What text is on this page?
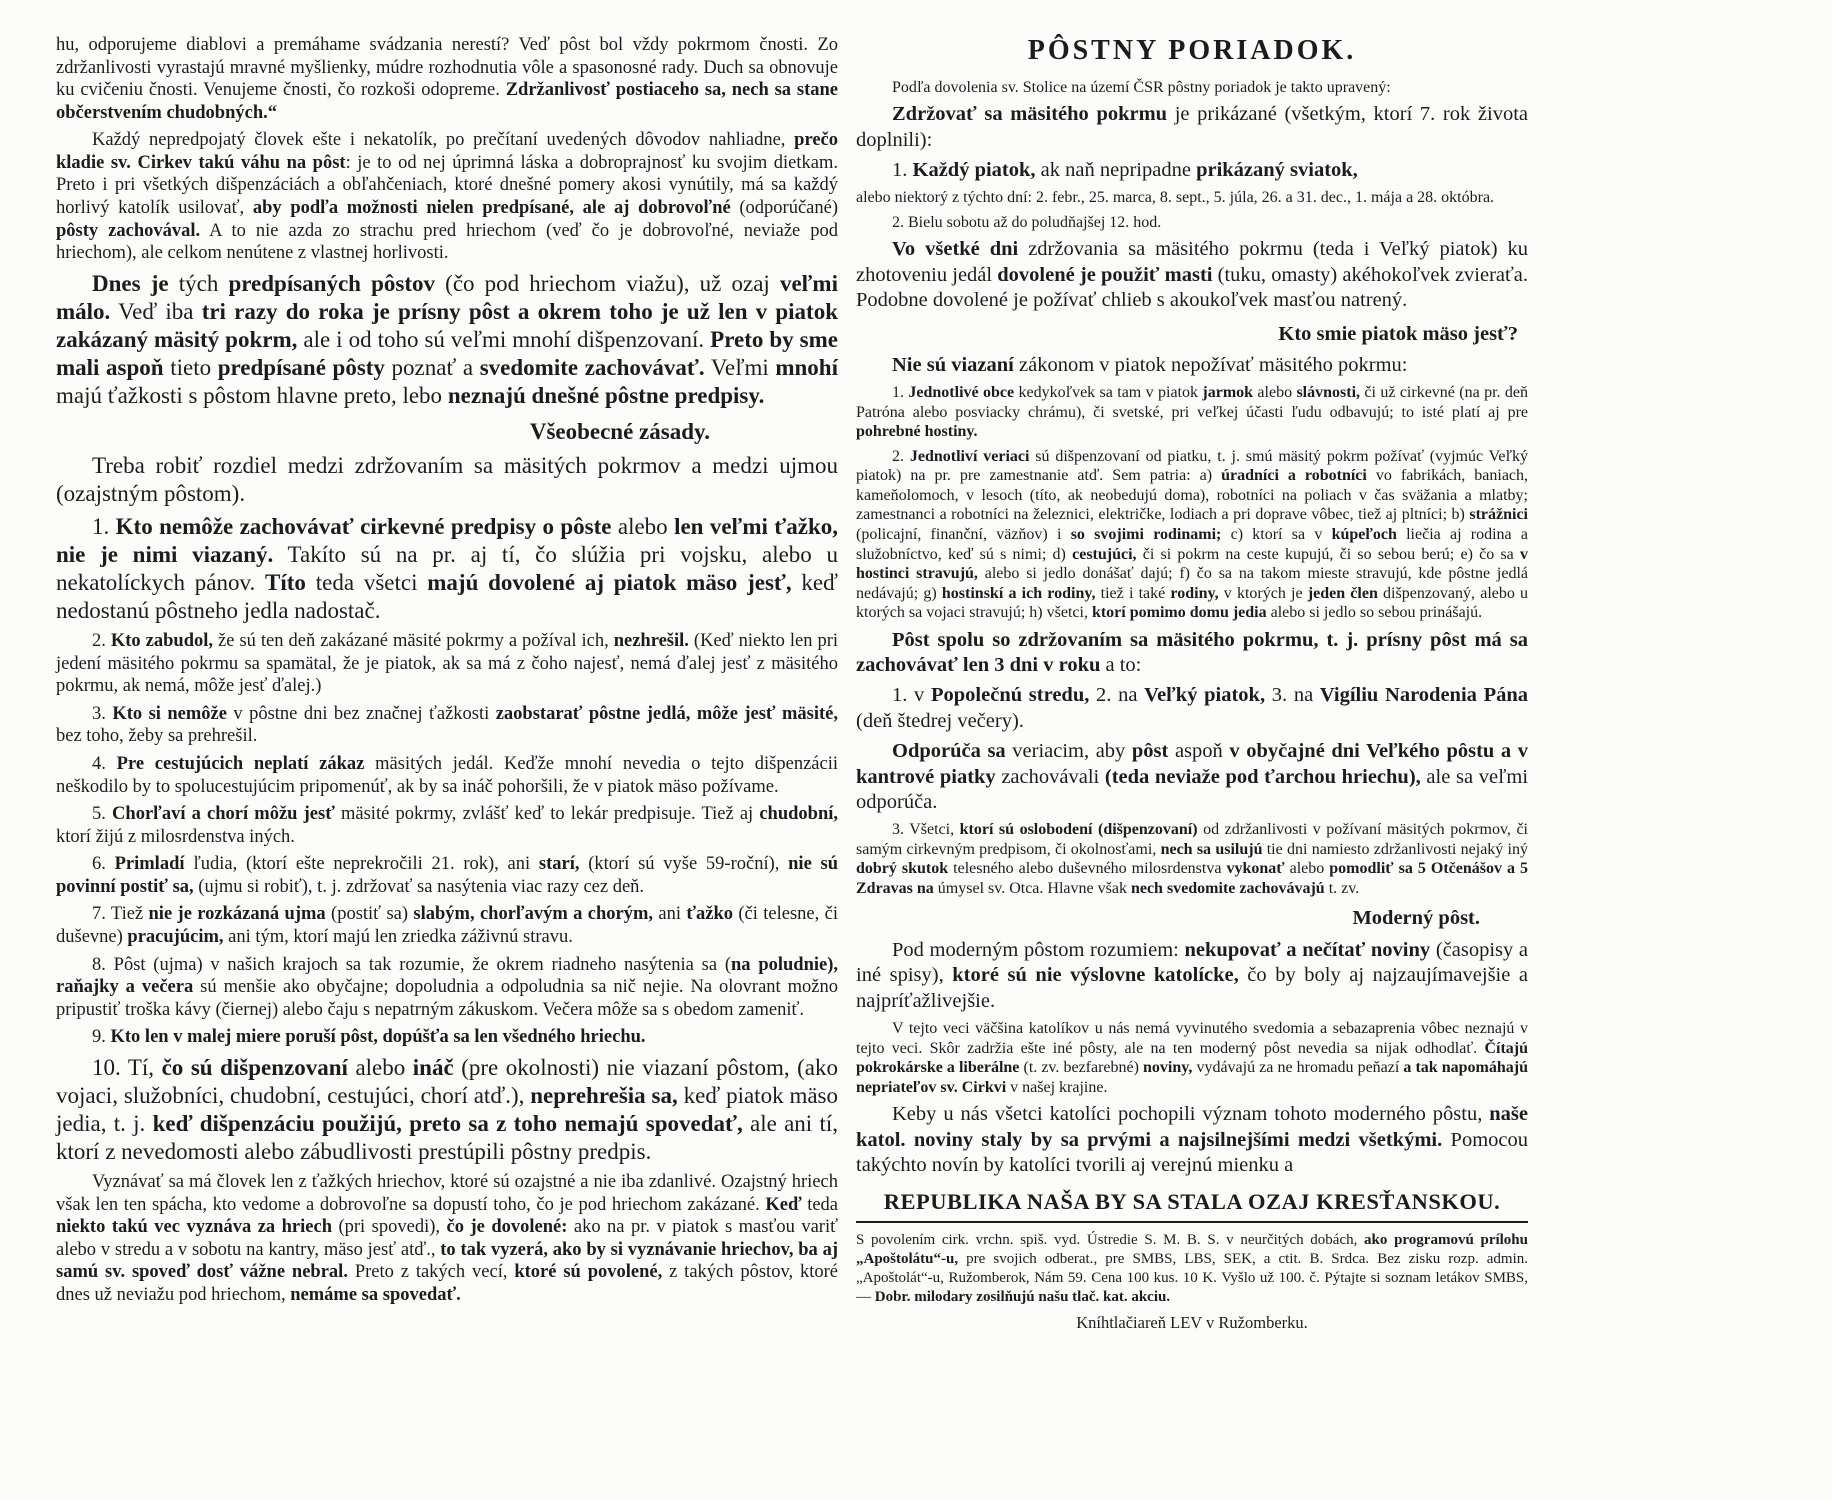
hu, odporujeme diablovi a premáhame svádzania nerestí? Veď pôst bol vždy pokrmom čnosti. Zo zdržanlivosti vyrastajú mravné myšlienky, múdre rozhodnutia vôle a spasonosné rady. Duch sa obnovuje ku cvičeniu čnosti. Venujeme čnosti, čo rozkoši odopreme. Zdržanlivosť postiaceho sa, nech sa stane občerstvením chudobných.“

Každý nepredpojatý človek ešte i nekatolík, po prečítaní uvedených dôvodov nahliadne, prečo kladie sv. Cirkev takú váhu na pôst: je to od nej úprimná láska a dobroprajnosť ku svojim dietkam. Preto i pri všetkých dišpenzáciách a obľahčeniach, ktoré dnešné pomery akosi vynútily, má sa každý horlivý katolík usilovať, aby podľa možnosti nielen predpísané, ale aj dobrovoľné (odporúčané) pôsty zachovával. A to nie azda zo strachu pred hriechom (veď čo je dobrovoľné, neviaže pod hriechom), ale celkom nenútene z vlastnej horlivosti.

Dnes je tých predpísaných pôstov (čo pod hriechom viažu), už ozaj veľmi málo. Veď iba tri razy do roka je prísny pôst a okrem toho je už len v piatok zakázaný mäsitý pokrm, ale i od toho sú veľmi mnohí dišpenzovaní. Preto by sme mali aspoň tieto predpísané pôsty poznať a svedomite zachovávať. Veľmi mnohí majú ťažkosti s pôstom hlavne preto, lebo neznajú dnešné pôstne predpisy.

Všeobecné zásady.

Treba robiť rozdiel medzi zdržovaním sa mäsitých pokrmov a medzi ujmou (ozajstným pôstom).

1. Kto nemôže zachovávať cirkevné predpisy o pôste alebo len veľmi ťažko, nie je nimi viazaný. Takíto sú na pr. aj tí, čo slúžia pri vojsku, alebo u nekatolíckych pánov. Títo teda všetci majú dovolené aj piatok mäso jesť, keď nedostanú pôstneho jedla nadostač.

2. Kto zabudol, že sú ten deň zakázané mäsité pokrmy a požíval ich, nezhrešil. (Keď niekto len pri jedení mäsitého pokrmu sa spamätal, že je piatok, ak sa má z čoho najesť, nemá ďalej jesť z mäsitého pokrmu, ak nemá, môže jesť ďalej.)

3. Kto si nemôže v pôstne dni bez značnej ťažkosti zaobstarať pôstne jedlá, môže jesť mäsité, bez toho, žeby sa prehrešil.

4. Pre cestujúcich neplatí zákaz mäsitých jedál. Keďže mnohí nevedia o tejto dišpenzácii neškodilo by to spolucestujúcim pripomenúť, ak by sa ináč pohoršili, že v piatok mäso požívame.

5. Chorľaví a chorí môžu jesť mäsité pokrmy, zvlášť keď to lekár predpisuje. Tiež aj chudobní, ktorí žijú z milosrdenstva iných.

6. Primladí ľudia, (ktorí ešte neprekročili 21. rok), ani starí, (ktorí sú vyše 59-roční), nie sú povinní postiť sa, (ujmu si robiť), t. j. zdržovať sa nasýtenia viac razy cez deň.

7. Tiež nie je rozkázaná ujma (postiť sa) slabým, chorľavým a chorým, ani ťažko (či telesne, či duševne) pracujúcim, ani tým, ktorí majú len zriedka záživnú stravu.

8. Pôst (ujma) v našich krajoch sa tak rozumie, že okrem riadneho nasýtenia sa (na poludnie), raňajky a večera sú menšie ako obyčajne; dopoludnia a odpoludnia sa nič nejie. Na olovrant možno pripustiť troška kávy (čiernej) alebo čaju s nepatrným zákuskom. Večera môže sa s obedom zameniť.

9. Kto len v malej miere poruší pôst, dopúšťa sa len všedného hriechu.

10. Tí, čo sú dišpenzovaní alebo ináč (pre okolnosti) nie viazaní pôstom, (ako vojaci, služobníci, chudobní, cestujúci, chorí atď.), neprehrešia sa, keď piatok mäso jedia, t. j. keď dišpenzáciu použijú, preto sa z toho nemajú spovedať, ale ani tí, ktorí z nevedomosti alebo zábudlivosti prestúpili pôstny predpis.

Vyznávať sa má človek len z ťažkých hriechov, ktoré sú ozajstné a nie iba zdanlivé. Ozajstný hriech však len ten spácha, kto vedome a dobrovoľne sa dopustí toho, čo je pod hriechom zakázané. Keď teda niekto takú vec vyznáva za hriech (pri spovedi), čo je dovolené: ako na pr. v piatok s masťou variť alebo v stredu a v sobotu na kantry, mäso jesť atď., to tak vyzerá, ako by si vyznávanie hriechov, ba aj samú sv. spoveď dosť vážne nebral. Preto z takých vecí, ktoré sú povolené, z takých pôstov, ktoré dnes už neviažu pod hriechom, nemáme sa spovedať.

PÔSTNY PORIADOK.

Podľa dovolenia sv. Stolice na území ČSR pôstny poriadok je takto upravený:

Zdržovať sa mäsitého pokrmu je prikázané (všetkým, ktorí 7. rok života doplnili):

1. Každý piatok, ak naň nepripadne prikázaný sviatok,

alebo niektorý z týchto dní: 2. febr., 25. marca, 8. sept., 5. júla, 26. a 31. dec., 1. mája a 28. októbra.

2. Bielu sobotu až do poludňajšej 12. hod.

Vo všetké dni zdržovania sa mäsitého pokrmu (teda i Veľký piatok) ku zhotoveniu jedál dovolené je použiť masti (tuku, omasty) akéhokoľvek zvieraťa. Podobne dovolené je požívať chlieb s akoukoľvek masťou natrený.

Kto smie piatok mäso jesť?

Nie sú viazaní zákonom v piatok nepožívať mäsitého pokrmu:

1. Jednotlivé obce kedykoľvek sa tam v piatok jarmok alebo slávnosti, či už cirkevné (na pr. deň Patróna alebo posviacky chrámu), či svetské, pri veľkej účasti ľudu odbavujú; to isté platí aj pre pohrebné hostiny.

2. Jednotliví veriaci sú dišpenzovaní od piatku, t. j. smú mäsitý pokrm požívať (vyjmúc Veľký piatok) na pr. pre zamestnanie atď. Sem patria: a) úradníci a robotníci vo fabrikách, baniach, kameňolomoch, v lesoch (títo, ak neobedujú doma), robotníci na poliach v čas sväžania a mlatby; zamestnanci a robotníci na železnici, električke, lodiach a pri doprave vôbec, tiež aj pltníci; b) strážnici (policajní, finanční, väzňov) i so svojimi rodinami; c) ktorí sa v kúpeľoch liečia aj rodina a služobníctvo, keď sú s nimi; d) cestujúci, či si pokrm na ceste kupujú, či so sebou berú; e) čo sa v hostinci stravujú, alebo si jedlo donášať dajú; f) čo sa na takom mieste stravujú, kde pôstne jedlá nedávajú; g) hostinskí a ich rodiny, tiež i také rodiny, v ktorých je jeden člen dišpenzovaný, alebo u ktorých sa vojaci stravujú; h) všetci, ktorí pomimo domu jedia alebo si jedlo so sebou prinášajú.

Pôst spolu so zdržovaním sa mäsitého pokrmu, t. j. prísny pôst má sa zachovávať len 3 dni v roku a to:

1. v Popolečnú stredu, 2. na Veľký piatok, 3. na Vigíliu Narodenia Pána (deň štedrej večery).

Odporúča sa veriacim, aby pôst aspoň v obyčajné dni Veľkého pôstu a v kantrové piatky zachovávali (teda neviaže pod ťarchou hriechu), ale sa veľmi odporúča.

3. Všetci, ktorí sú oslobodení (dišpenzovaní) od zdržanlivosti v požívaní mäsitých pokrmov, či samým cirkevným predpisom, či okolnosťami, nech sa usilujú tie dni namiesto zdržanlivosti nejaký iný dobrý skutok telesného alebo duševného milosrdenstva vykonať alebo pomodliť sa 5 Otčenášov a 5 Zdravas na úmysel sv. Otca. Hlavne však nech svedomite zachovávajú t. zv.

Moderný pôst.

Pod moderným pôstom rozumiem: nekupovať a nečítať noviny (časopisy a iné spisy), ktoré sú nie výslovne katolícke, čo by boly aj najzaujímavejšie a najpríťažlivejšie.

V tejto veci väčšina katolíkov u nás nemá vyvinutého svedomia a sebazaprenia vôbec neznajú v tejto veci. Skôr zadržia ešte iné pôsty, ale na ten moderný pôst nevedia sa nijak odhodlať. Čítajú pokrokárske a liberálne (t. zv. bezfarebné) noviny, vydávajú za ne hromadu peňazí a tak napomáhajú nepriateľov sv. Cirkvi v našej krajine.

Keby u nás všetci katolíci pochopili význam tohoto moderného pôstu, naše katol. noviny staly by sa prvými a najsilnejšími medzi všetkými. Pomocou takýchto novín by katolíci tvorili aj verejnú mienku a

REPUBLIKA NAŠA BY SA STALA OZAJ KRESŤANSKOU.

S povolením cirk. vrchn. spiš. vyd. Ústredie S. M. B. S. v neurčitých dobách, ako programovú prílohu „Apoštolátu“-u, pre svojich odberat., pre SMBS, LBS, SEK, a ctit. B. Srdca. Bez zisku rozp. admin. „Apoštolát“-u, Ružomberok, Nám 59. Cena 100 kus. 10 K. Vyšlo už 100. č. Pýtajte si soznam letákov SMBS, — Dobr. milodary zosilňujú našu tlač. kat. akciu.

Kníhtlačiareň LEV v Ružomberku.
